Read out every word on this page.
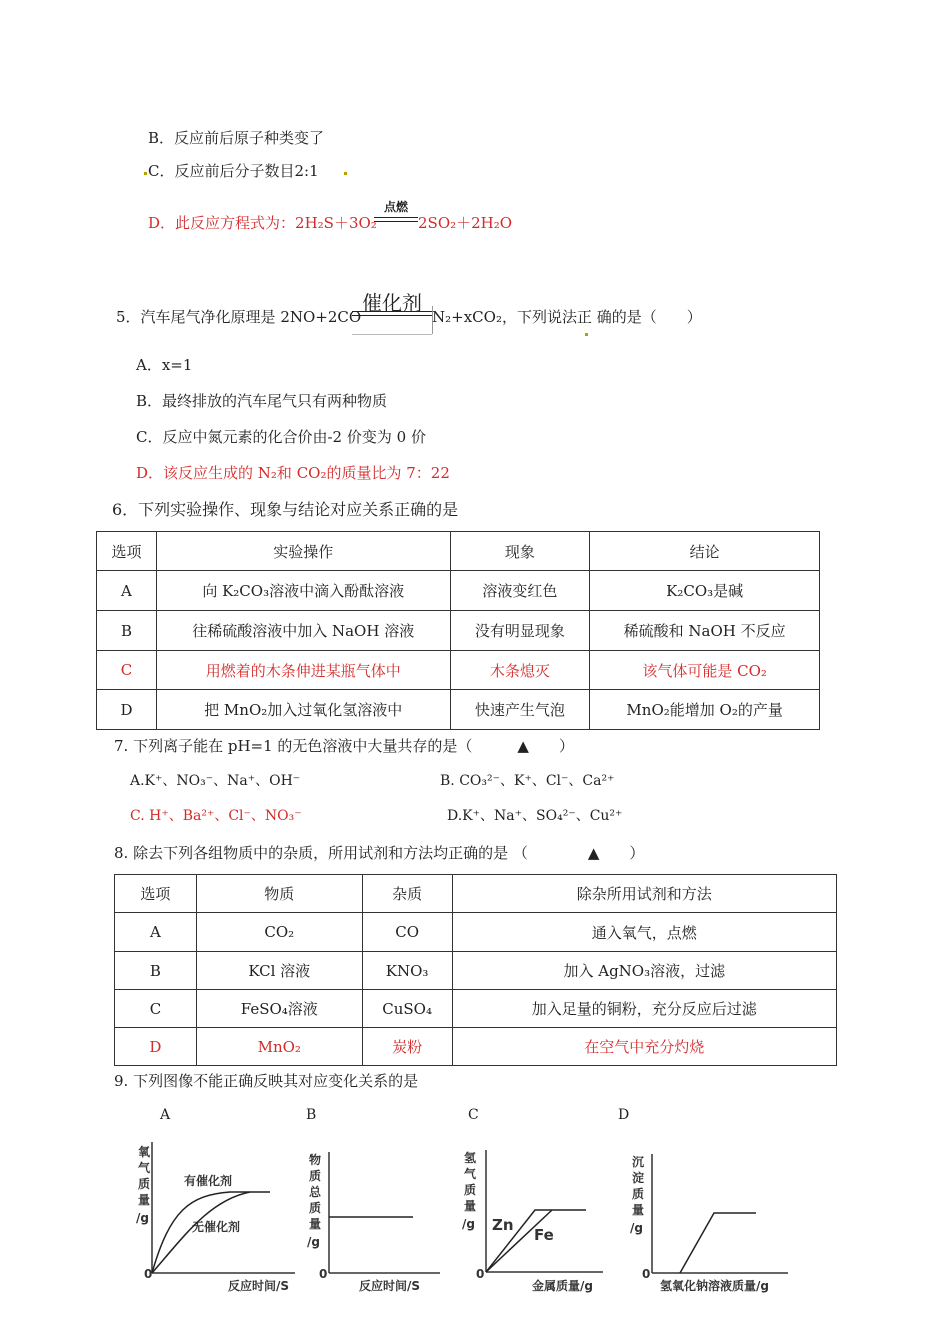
B．反应前后原子种类变了
C．反应前后分子数目2:1
D．此反应方程式为：2H₂S＋3O₂
点燃
2SO₂＋2H₂O
5．汽车尾气净化原理是 2NO+2CO
催化剂
N₂+xCO₂，下列说法正 确的是（　　）
A．x=1
B．最终排放的汽车尾气只有两种物质
C．反应中氮元素的化合价由-2 价变为 0 价
D．该反应生成的 N₂和 CO₂的质量比为 7：22
6．下列实验操作、现象与结论对应关系正确的是
选项	实验操作	现象	结论
A	向 K₂CO₃溶液中滴入酚酞溶液	溶液变红色	K₂CO₃是碱
B	往稀硫酸溶液中加入 NaOH 溶液	没有明显现象	稀硫酸和 NaOH 不反应
C	用燃着的木条伸进某瓶气体中	木条熄灭	该气体可能是 CO₂
D	把 MnO₂加入过氧化氢溶液中	快速产生气泡	MnO₂能增加 O₂的产量
7. 下列离子能在 pH=1 的无色溶液中大量共存的是（　　　▲　　）
A.K⁺、NO₃⁻、Na⁺、OH⁻	B. CO₃²⁻、K⁺、Cl⁻、Ca²⁺
C. H⁺、Ba²⁺、Cl⁻、NO₃⁻	D.K⁺、Na⁺、SO₄²⁻、Cu²⁺
8. 除去下列各组物质中的杂质，所用试剂和方法均正确的是 （　　　　▲　　）
选项	物质	杂质	除杂所用试剂和方法
A	CO₂	CO	通入氧气，点燃
B	KCl 溶液	KNO₃	加入 AgNO₃溶液，过滤
C	FeSO₄溶液	CuSO₄	加入足量的铜粉，充分反应后过滤
D	MnO₂	炭粉	在空气中充分灼烧
9. 下列图像不能正确反映其对应变化关系的是
A	B	C	D
氧
气
质
量
/g
0
反应时间/S
有催化剂
无催化剂
物
质
总
质
量
/g
0
反应时间/S
氢
气
质
量
/g
0
金属质量/g
Zn
Fe
沉
淀
质
量
/g
0
氢氧化钠溶液质量/g
